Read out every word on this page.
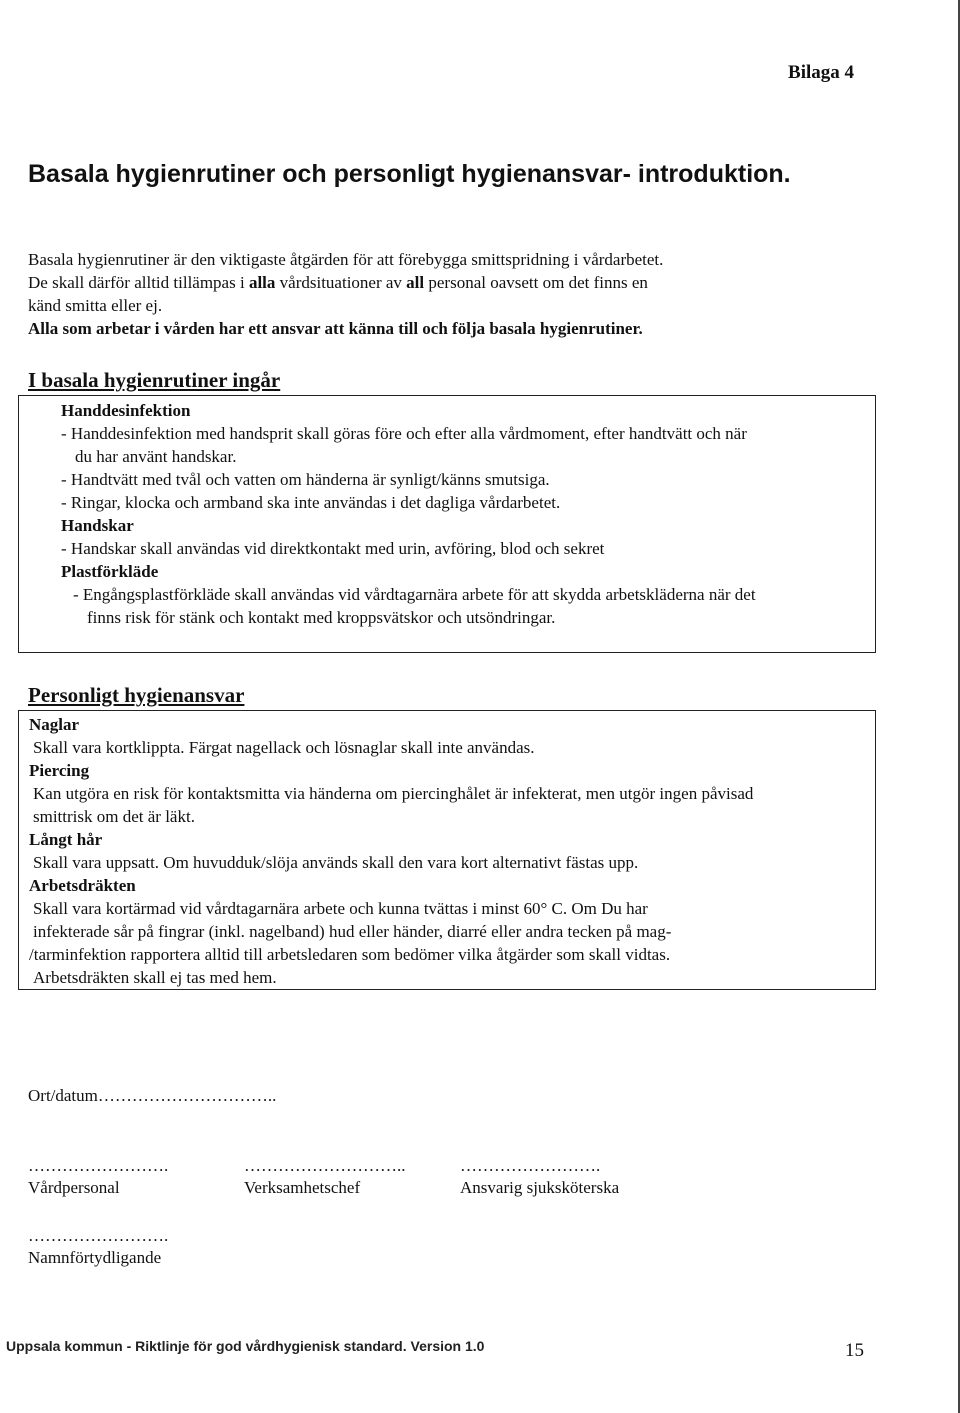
Bilaga 4
Basala hygienrutiner och personligt hygienansvar- introduktion.

Basala hygienrutiner är den viktigaste åtgärden för att förebygga smittspridning i vårdarbetet.

De skall därför alltid tillämpas i alla vårdsituationer av all personal oavsett om det finns en

känd smitta eller ej.

Alla som arbetar i vården har ett ansvar att känna till och följa basala hygienrutiner.

I basala hygienrutiner ingår

Handdesinfektion

- Handdesinfektion med handsprit skall göras före och efter alla vårdmoment, efter handtvätt och när du har använt handskar.

- Handtvätt med tvål och vatten om händerna är synligt/känns smutsiga.

- Ringar, klocka och armband ska inte användas i det dagliga vårdarbetet.

Handskar

- Handskar skall användas vid direktkontakt med urin, avföring, blod och sekret

Plastförkläde

- Engångsplastförkläde skall användas vid vårdtagarnära arbete för att skydda arbetskläderna när det finns risk för stänk och kontakt med kroppsvätskor och utsöndringar.

Personligt hygienansvar

Naglar

Skall vara kortklippta. Färgat nagellack och lösnaglar skall inte användas.

Piercing

Kan utgöra en risk för kontaktsmitta via händerna om piercinghålet är infekterat, men utgör ingen påvisad smittrisk om det är läkt.

Långt hår

Skall vara uppsatt. Om huvudduk/slöja används skall den vara kort alternativt fästas upp.

Arbetsdräkten

Skall vara kortärmad vid vårdtagarnära arbete och kunna tvättas i minst 60° C. Om Du har

infekterade sår på fingrar (inkl. nagelband) hud eller händer, diarré eller andra tecken på mag-

/tarminfektion rapportera alltid till arbetsledaren som bedömer vilka åtgärder som skall vidtas.

Arbetsdräkten skall ej tas med hem.

Ort/datum…………………………..
…………………….	………………………..	…………………….
Vårdpersonal	Verksamhetschef	Ansvarig sjuksköterska
…………………….
Namnförtydligande
Uppsala kommun - Riktlinje för god vårdhygienisk standard. Version 1.0	15
